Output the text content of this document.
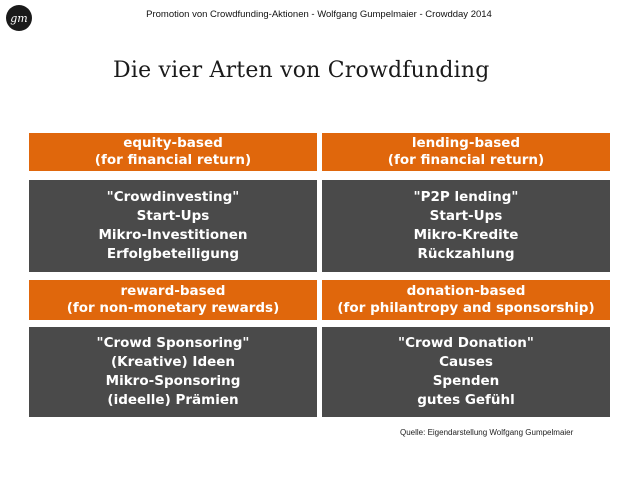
gm	Promotion von Crowdfunding-Aktionen - Wolfgang Gumpelmaier - Crowdday 2014
Die vier Arten von Crowdfunding
equity-based
(for financial return)
"Crowdinvesting"
Start-Ups
Mikro-Investitionen
Erfolgbeteiligung
lending-based
(for financial return)
"P2P lending"
Start-Ups
Mikro-Kredite
Rückzahlung
reward-based
(for non-monetary rewards)
"Crowd Sponsoring"
(Kreative) Ideen
Mikro-Sponsoring
(ideelle) Prämien
donation-based
(for philantropy and sponsorship)
"Crowd Donation"
Causes
Spenden
gutes Gefühl
Quelle: Eigendarstellung Wolfgang Gumpelmaier
